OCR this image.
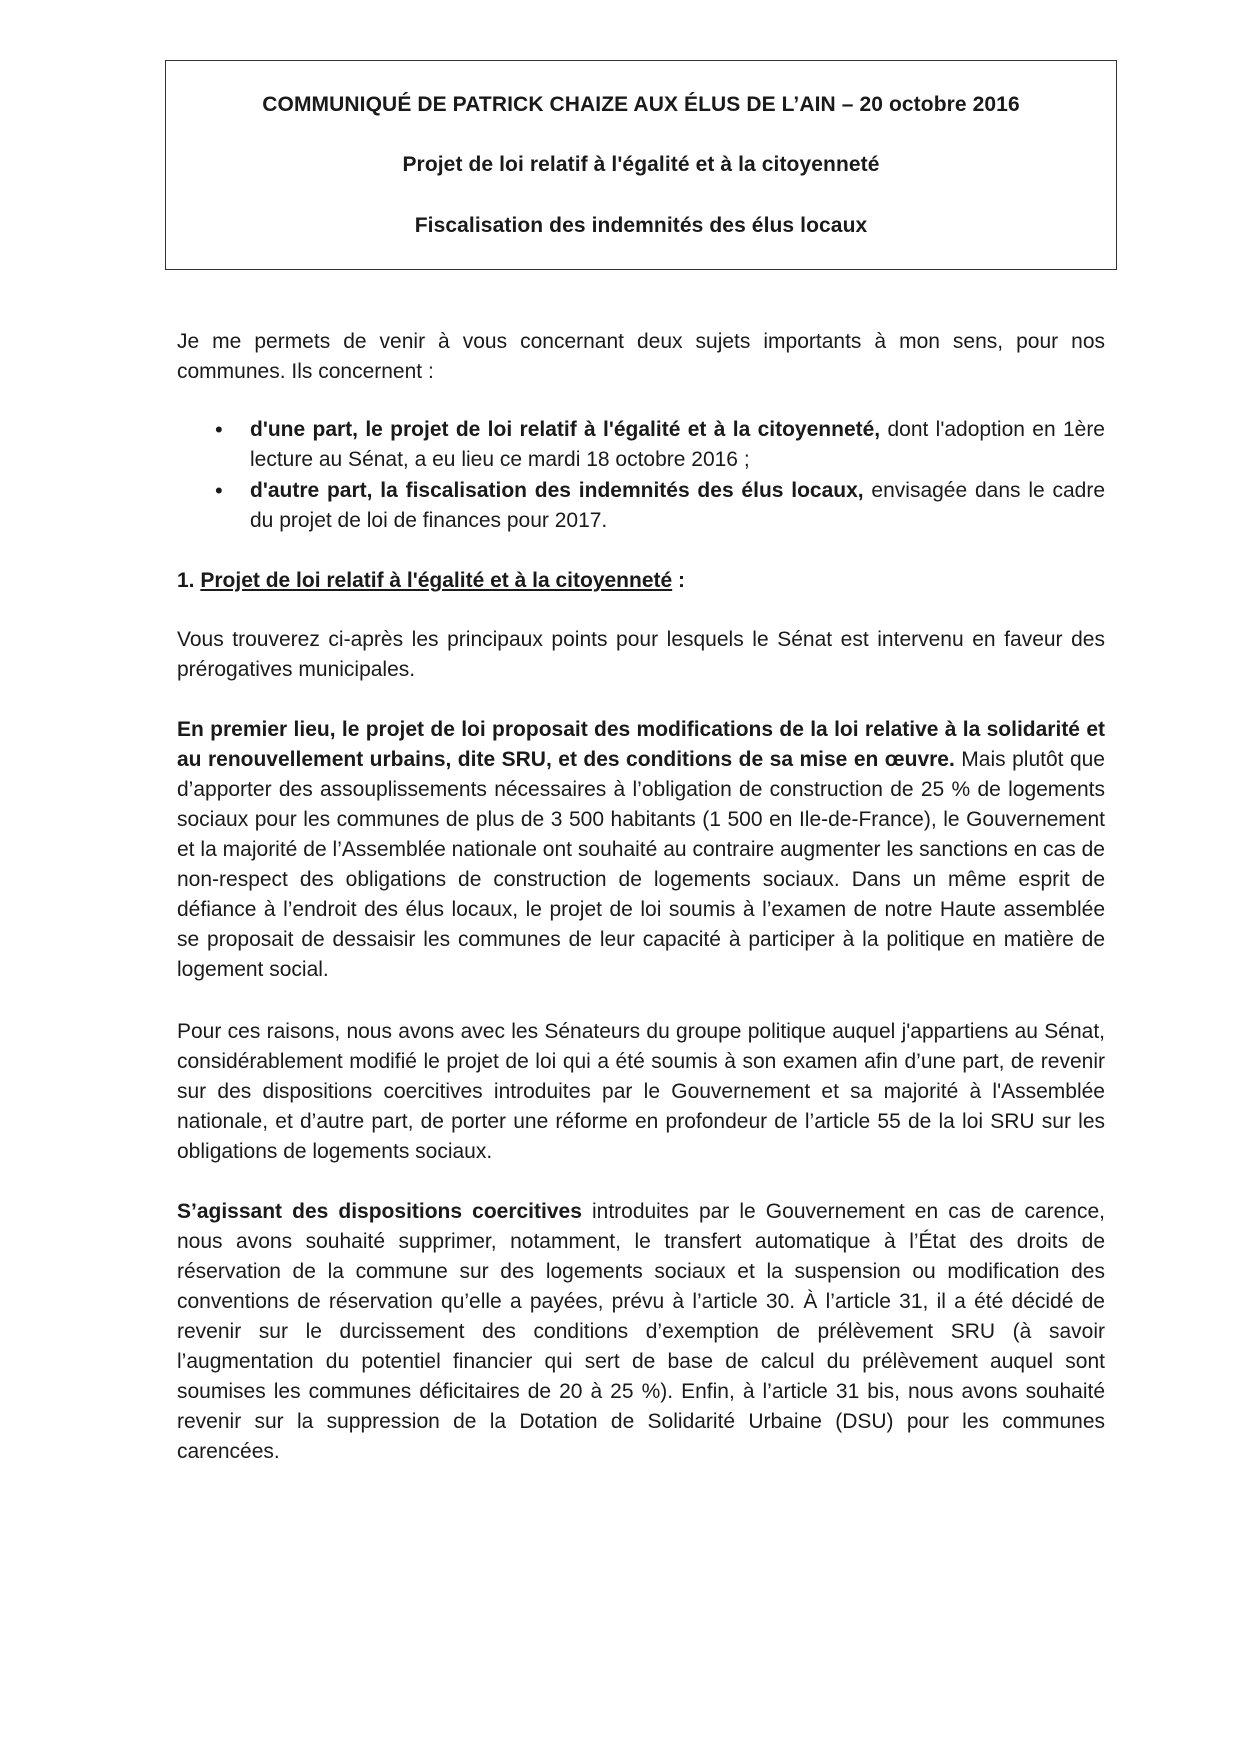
COMMUNIQUÉ DE PATRICK CHAIZE AUX ÉLUS DE L’AIN – 20 octobre 2016
Projet de loi relatif à l'égalité et à la citoyenneté
Fiscalisation des indemnités des élus locaux

Je me permets de venir à vous concernant deux sujets importants à mon sens, pour nos communes. Ils concernent :

• d'une part, le projet de loi relatif à l'égalité et à la citoyenneté, dont l'adoption en 1ère lecture au Sénat, a eu lieu ce mardi 18 octobre 2016 ;
• d'autre part, la fiscalisation des indemnités des élus locaux, envisagée dans le cadre du projet de loi de finances pour 2017.
1. Projet de loi relatif à l'égalité et à la citoyenneté :

Vous trouverez ci-après les principaux points pour lesquels le Sénat est intervenu en faveur des prérogatives municipales.

En premier lieu, le projet de loi proposait des modifications de la loi relative à la solidarité et au renouvellement urbains, dite SRU, et des conditions de sa mise en œuvre. Mais plutôt que d’apporter des assouplissements nécessaires à l’obligation de construction de 25 % de logements sociaux pour les communes de plus de 3 500 habitants (1 500 en Ile-de-France), le Gouvernement et la majorité de l’Assemblée nationale ont souhaité au contraire augmenter les sanctions en cas de non-respect des obligations de construction de logements sociaux. Dans un même esprit de défiance à l’endroit des élus locaux, le projet de loi soumis à l’examen de notre Haute assemblée se proposait de dessaisir les communes de leur capacité à participer à la politique en matière de logement social.

Pour ces raisons, nous avons avec les Sénateurs du groupe politique auquel j'appartiens au Sénat, considérablement modifié le projet de loi qui a été soumis à son examen afin d’une part, de revenir sur des dispositions coercitives introduites par le Gouvernement et sa majorité à l'Assemblée nationale, et d’autre part, de porter une réforme en profondeur de l’article 55 de la loi SRU sur les obligations de logements sociaux.

S’agissant des dispositions coercitives introduites par le Gouvernement en cas de carence, nous avons souhaité supprimer, notamment, le transfert automatique à l’État des droits de réservation de la commune sur des logements sociaux et la suspension ou modification des conventions de réservation qu’elle a payées, prévu à l’article 30. À l’article 31, il a été décidé de revenir sur le durcissement des conditions d’exemption de prélèvement SRU (à savoir l’augmentation du potentiel financier qui sert de base de calcul du prélèvement auquel sont soumises les communes déficitaires de 20 à 25 %). Enfin, à l’article 31 bis, nous avons souhaité revenir sur la suppression de la Dotation de Solidarité Urbaine (DSU) pour les communes carencées.
